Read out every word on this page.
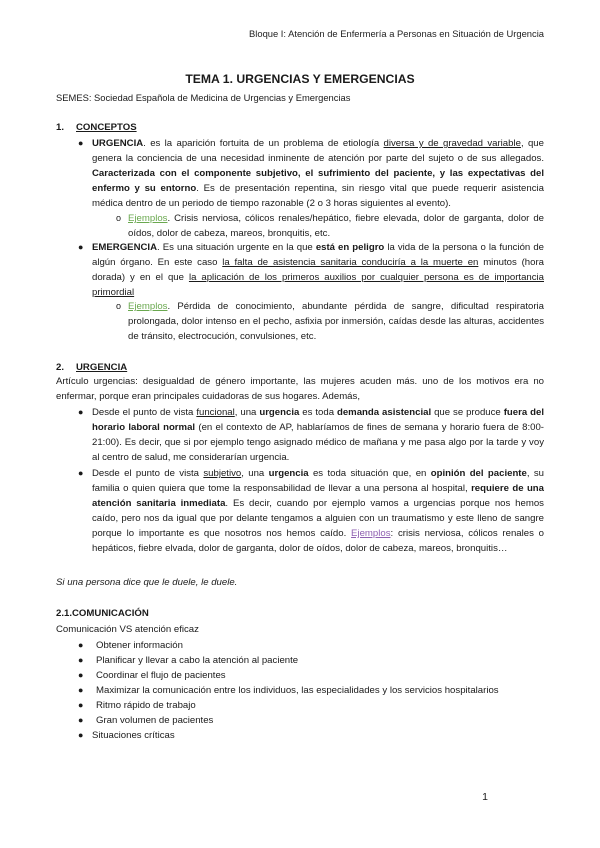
Bloque I: Atención de Enfermería a Personas en Situación de Urgencia
TEMA 1. URGENCIAS Y EMERGENCIAS
SEMES: Sociedad Española de Medicina de Urgencias y Emergencias
1. CONCEPTOS
● URGENCIA. es la aparición fortuita de un problema de etiología diversa y de gravedad variable, que genera la conciencia de una necesidad inminente de atención por parte del sujeto o de sus allegados. Caracterizada con el componente subjetivo, el sufrimiento del paciente, y las expectativas del enfermo y su entorno. Es de presentación repentina, sin riesgo vital que puede requerir asistencia médica dentro de un periodo de tiempo razonable (2 o 3 horas siguientes al evento).
o Ejemplos. Crisis nerviosa, cólicos renales/hepático, fiebre elevada, dolor de garganta, dolor de oídos, dolor de cabeza, mareos, bronquitis, etc.
● EMERGENCIA. Es una situación urgente en la que está en peligro la vida de la persona o la función de algún órgano. En este caso la falta de asistencia sanitaria conduciría a la muerte en minutos (hora dorada) y en el que la aplicación de los primeros auxilios por cualquier persona es de importancia primordial
o Ejemplos. Pérdida de conocimiento, abundante pérdida de sangre, dificultad respiratoria prolongada, dolor intenso en el pecho, asfixia por inmersión, caídas desde las alturas, accidentes de tránsito, electrocución, convulsiones, etc.
2. URGENCIA
Artículo urgencias: desigualdad de género importante, las mujeres acuden más. uno de los motivos era no enfermar, porque eran principales cuidadoras de sus hogares. Además,
● Desde el punto de vista funcional, una urgencia es toda demanda asistencial que se produce fuera del horario laboral normal (en el contexto de AP, hablaríamos de fines de semana y horario fuera de 8:00-21:00). Es decir, que si por ejemplo tengo asignado médico de mañana y me pasa algo por la tarde y voy al centro de salud, me considerarían urgencia.
● Desde el punto de vista subjetivo, una urgencia es toda situación que, en opinión del paciente, su familia o quien quiera que tome la responsabilidad de llevar a una persona al hospital, requiere de una atención sanitaria inmediata. Es decir, cuando por ejemplo vamos a urgencias porque nos hemos caído, pero nos da igual que por delante tengamos a alguien con un traumatismo y este lleno de sangre porque lo importante es que nosotros nos hemos caído. Ejemplos: crisis nerviosa, cólicos renales o hepáticos, fiebre elvada, dolor de garganta, dolor de oídos, dolor de cabeza, mareos, bronquitis…
Si una persona dice que le duele, le duele.
2.1.COMUNICACIÓN
Comunicación VS atención eficaz
● Obtener información
● Planificar y llevar a cabo la atención al paciente
● Coordinar el flujo de pacientes
● Maximizar la comunicación entre los individuos, las especialidades y los servicios hospitalarios
● Ritmo rápido de trabajo
● Gran volumen de pacientes
● Situaciones críticas
1
